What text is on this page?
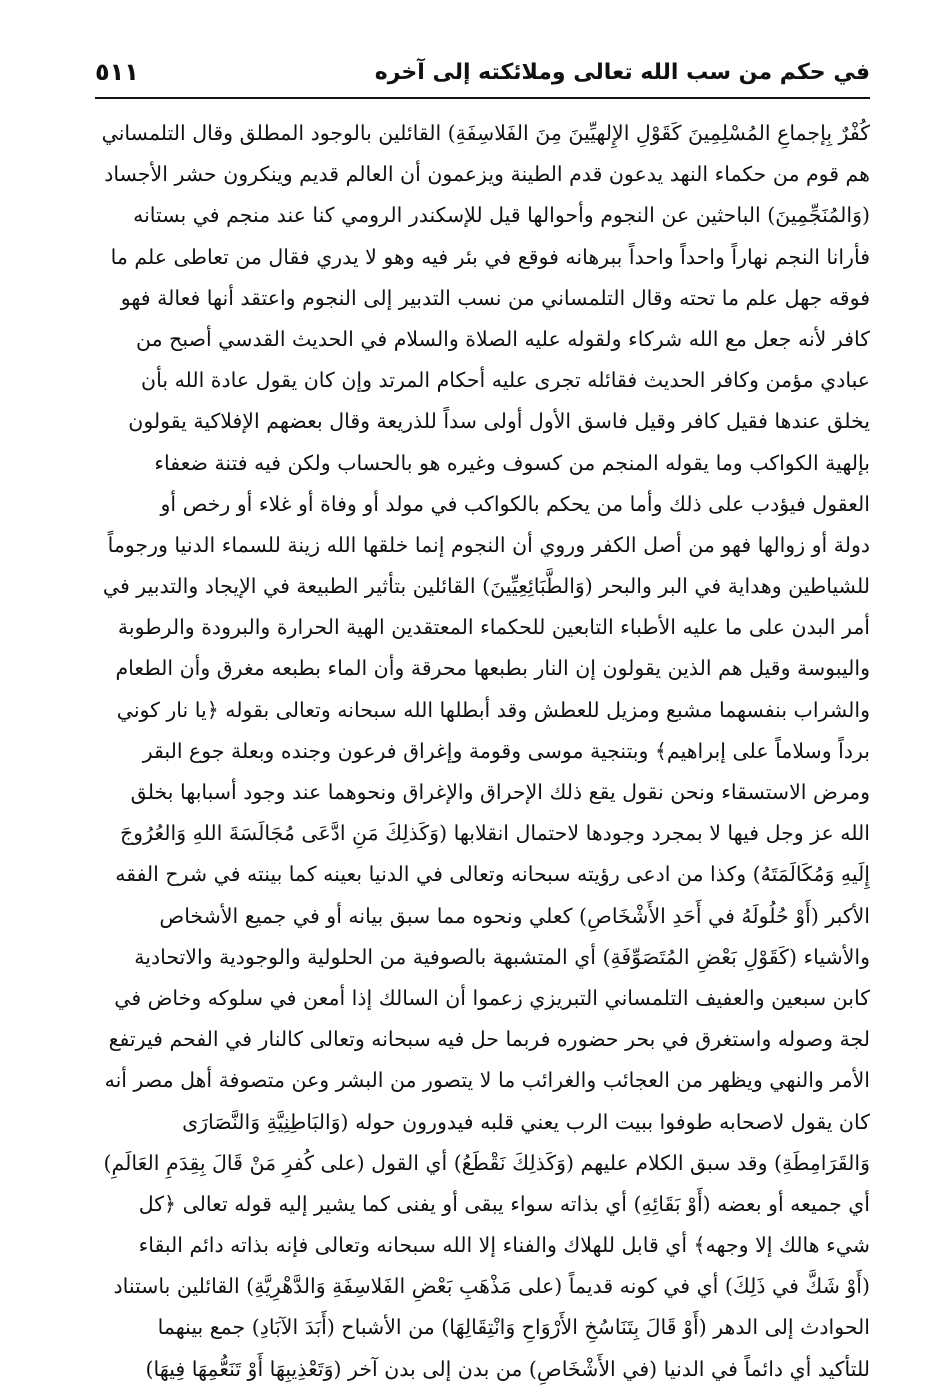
في حكم من سب الله تعالى وملائكته إلى آخره
٥١١
كُفْرٌ بِإجماعِ المُسْلِمِينَ كَقَوْلِ الإِلهيِّينَ مِنَ الفَلاسِفَةِ) القائلين بالوجود المطلق وقال التلمساني
هم قوم من حكماء النهد يدعون قدم الطينة ويزعمون أن العالم قديم وينكرون حشر الأجساد
(وَالمُنَجِّمِينَ) الباحثين عن النجوم وأحوالها قيل للإسكندر الرومي كنا عند منجم في بستانه
فأرانا النجم نهاراً واحداً واحداً ببرهانه فوقع في بئر فيه وهو لا يدري فقال من تعاطى علم ما
فوقه جهل علم ما تحته وقال التلمساني من نسب التدبير إلى النجوم واعتقد أنها فعالة فهو
كافر لأنه جعل مع الله شركاء ولقوله عليه الصلاة والسلام في الحديث القدسي أصبح من
عبادي مؤمن وكافر الحديث فقائله تجرى عليه أحكام المرتد وإن كان يقول عادة الله بأن
يخلق عندها فقيل كافر وقيل فاسق الأول أولى سداً للذريعة وقال بعضهم الإفلاكية يقولون
بإلهية الكواكب وما يقوله المنجم من كسوف وغيره هو بالحساب ولكن فيه فتنة ضعفاء
العقول فيؤدب على ذلك وأما من يحكم بالكواكب في مولد أو وفاة أو غلاء أو رخص أو
دولة أو زوالها فهو من أصل الكفر وروي أن النجوم إنما خلقها الله زينة للسماء الدنيا ورجوماً
للشياطين وهداية في البر والبحر (وَالطَّبَائِعِيِّينَ) القائلين بتأثير الطبيعة في الإيجاد والتدبير في
أمر البدن على ما عليه الأطباء التابعين للحكماء المعتقدين الهية الحرارة والبرودة والرطوبة
واليبوسة وقيل هم الذين يقولون إن النار بطبعها محرقة وأن الماء بطبعه مغرق وأن الطعام
والشراب بنفسهما مشبع ومزيل للعطش وقد أبطلها الله سبحانه وتعالى بقوله ﴿يا نار كوني
برداً وسلاماً على إبراهيم﴾ وبتنجية موسى وقومة وإغراق فرعون وجنده وبعلة جوع البقر
ومرض الاستسقاء ونحن نقول يقع ذلك الإحراق والإغراق ونحوهما عند وجود أسبابها بخلق
الله عز وجل فيها لا بمجرد وجودها لاحتمال انقلابها (وَكَذلِكَ مَنِ ادَّعَى مُجَالَسَةَ اللهِ وَالعُرُوجَ
إِلَيهِ وَمُكَالَمَتَهُ) وكذا من ادعى رؤيته سبحانه وتعالى في الدنيا بعينه كما بينته في شرح الفقه
الأكبر (أَوْ حُلُولَهُ في أَحَدِ الأَشْخَاصِ) كعلي ونحوه مما سبق بيانه أو في جميع الأشخاص
والأشياء (كَقَوْلِ بَعْضِ المُتَصَوِّفَةِ) أي المتشبهة بالصوفية من الحلولية والوجودية والاتحادية
كابن سبعين والعفيف التلمساني التبريزي زعموا أن السالك إذا أمعن في سلوكه وخاض في
لجة وصوله واستغرق في بحر حضوره فربما حل فيه سبحانه وتعالى كالنار في الفحم فيرتفع
الأمر والنهي ويظهر من العجائب والغرائب ما لا يتصور من البشر وعن متصوفة أهل مصر أنه
كان يقول لاصحابه طوفوا ببيت الرب يعني قلبه فيدورون حوله (وَالبَاطِنِيَّةِ وَالنَّصَارَى
وَالقَرَامِطَةِ) وقد سبق الكلام عليهم (وَكَذلِكَ نَقْطَعُ) أي القول (على كُفرِ مَنْ قَالَ بِقِدَمِ العَالَمِ)
أي جميعه أو بعضه (أَوْ بَقَائِهِ) أي بذاته سواء يبقى أو يفنى كما يشير إليه قوله تعالى ﴿كل
شيء هالك إلا وجهه﴾ أي قابل للهلاك والفناء إلا الله سبحانه وتعالى فإنه بذاته دائم البقاء
(أَوْ شَكَّ في ذَلِكَ) أي في كونه قديماً (على مَذْهَبِ بَعْضِ الفَلاسِفَةِ وَالدَّهْرِيَّةِ) القائلين باستناد
الحوادث إلى الدهر (أَوْ قَالَ بِتَنَاسُخِ الأَرْوَاحِ وَانْتِقَالِهَا) من الأشباح (أَبَدَ الآبَادِ) جمع بينهما
للتأكيد أي دائماً في الدنيا (في الأَشْخَاصِ) من بدن إلى بدن آخر (وَتَعْذِيبِهَا أَوْ تَنَعُّمِهَا فِيهَا)
